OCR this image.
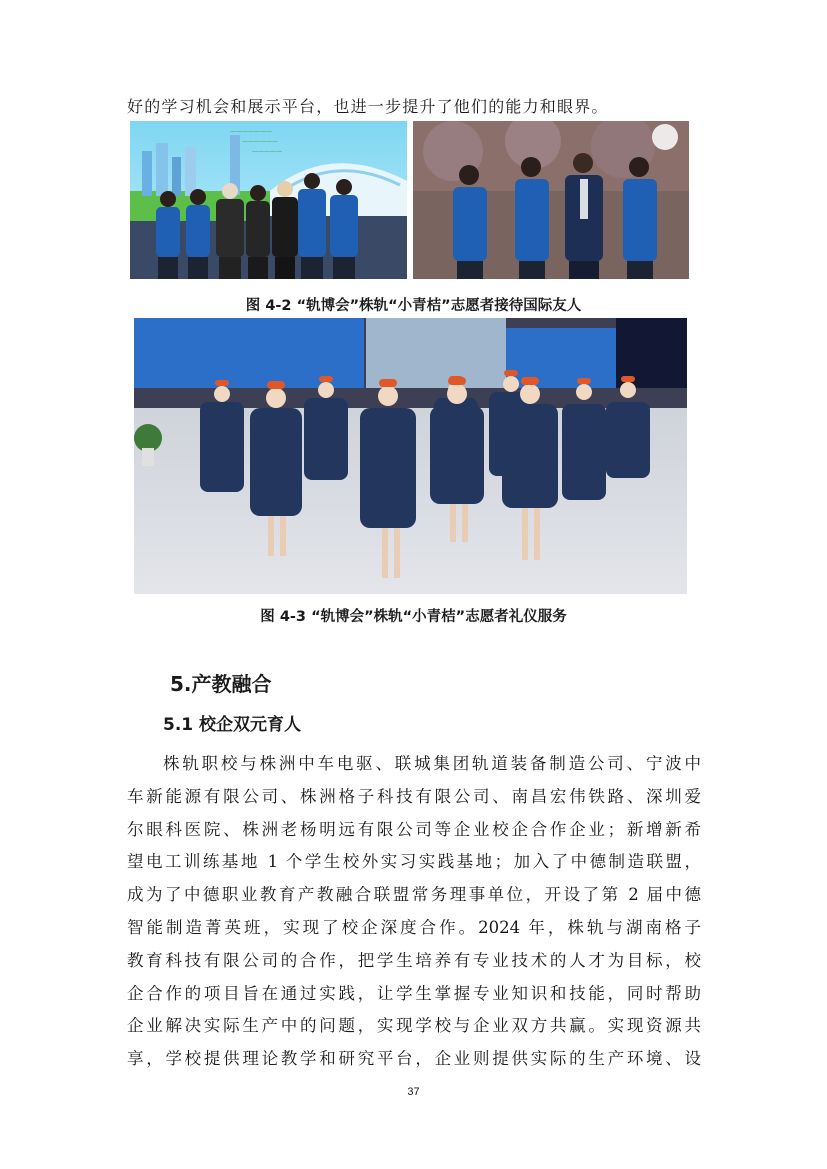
好的学习机会和展示平台，也进一步提升了他们的能力和眼界。
———————
——————
—————
图 4-2 “轨博会”株轨“小青桔”志愿者接待国际友人
图 4-3 “轨博会”株轨“小青桔”志愿者礼仪服务
5.产教融合
5.1 校企双元育人
株轨职校与株洲中车电驱、联城集团轨道装备制造公司、宁波中
车新能源有限公司、株洲格子科技有限公司、南昌宏伟铁路、深圳爱
尔眼科医院、株洲老杨明远有限公司等企业校企合作企业；新增新希
望电工训练基地 1 个学生校外实习实践基地；加入了中德制造联盟，
成为了中德职业教育产教融合联盟常务理事单位，开设了第 2 届中德
智能制造菁英班，实现了校企深度合作。2024 年，株轨与湖南格子
教育科技有限公司的合作，把学生培养有专业技术的人才为目标，校
企合作的项目旨在通过实践，让学生掌握专业知识和技能，同时帮助
企业解决实际生产中的问题，实现学校与企业双方共赢。实现资源共
享，学校提供理论教学和研究平台，企业则提供实际的生产环境、设
37
